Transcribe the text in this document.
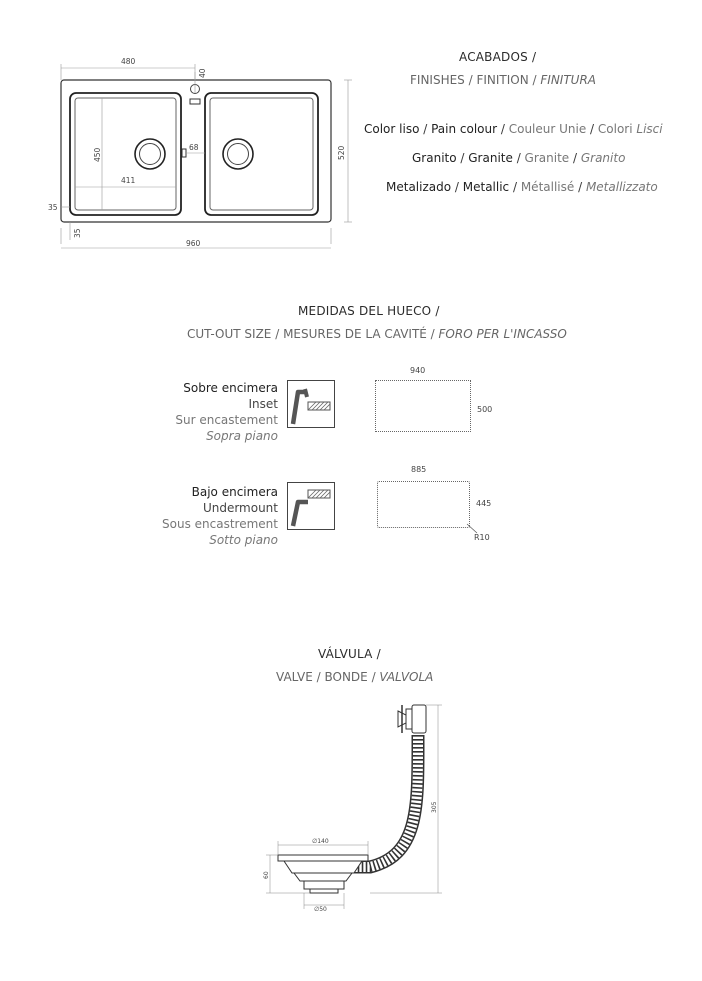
ACABADOS /
FINISHES / FINITION / FINITURA
Color liso / Pain colour / Couleur Unie / Colori Lisci
Granito / Granite / Granite / Granito
Metalizado / Metallic / Métallisé / Metallizzato
480
40
450
68
411
520
35
35
960
MEDIDAS DEL HUECO /
CUT-OUT SIZE / MESURES DE LA CAVITÉ / FORO PER L'INCASSO
Sobre encimera
Inset
Sur encastement
Sopra piano
940
500
Bajo encimera
Undermount
Sous encastrement
Sotto piano
885
445
R10
VÁLVULA /
VALVE / BONDE / VALVOLA
∅140
60
∅50
305
